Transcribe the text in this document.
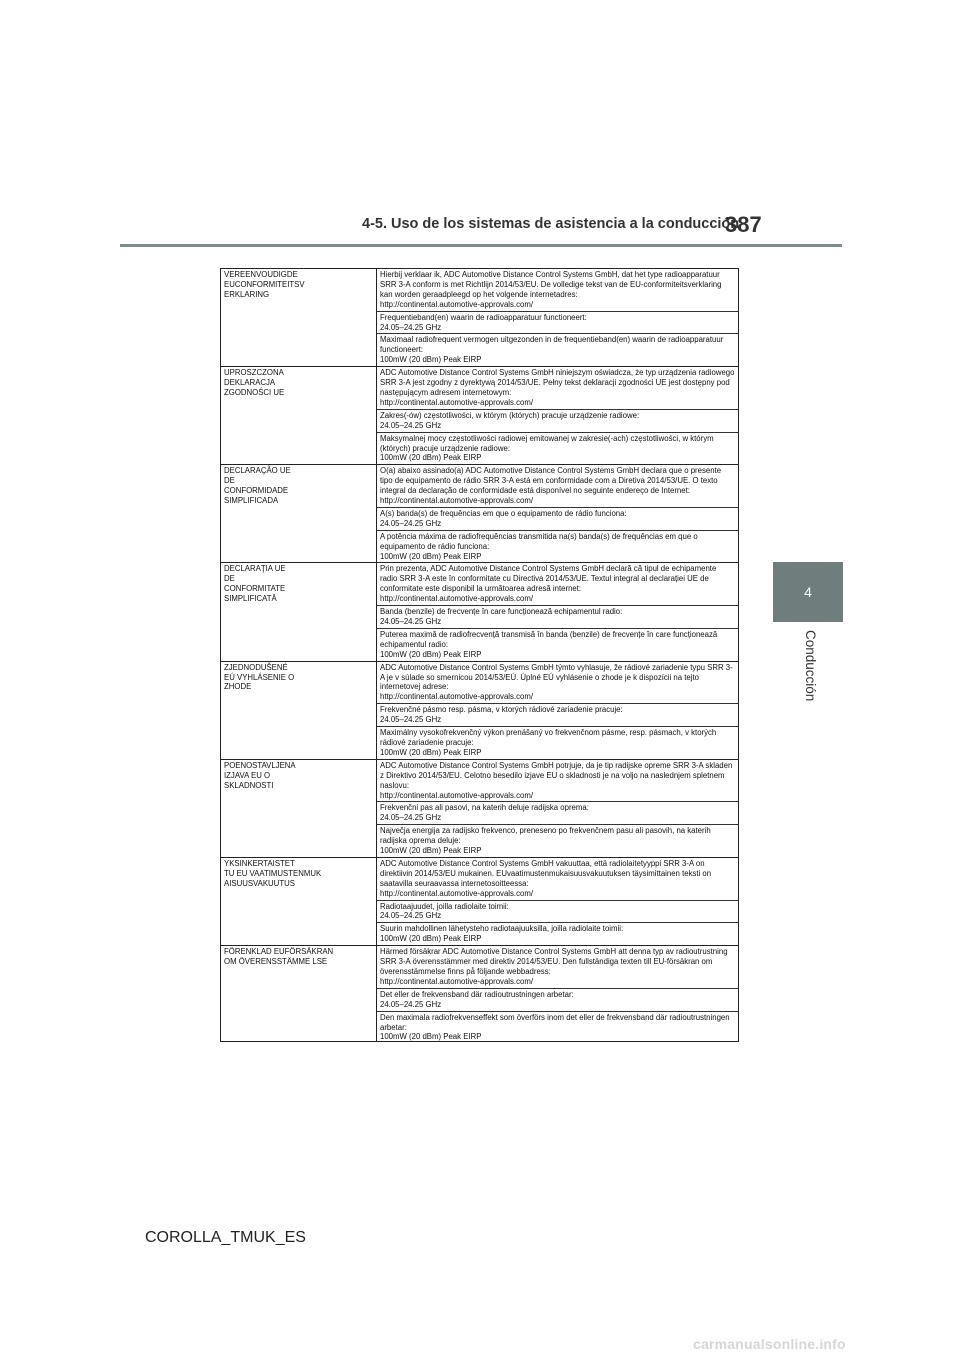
4-5. Uso de los sistemas de asistencia a la conducción
387
4
Conducción
VEREENVOUDIGDE
EUCONFORMITEITSV
ERKLARING
Hierbij verklaar ik, ADC Automotive Distance Control Systems GmbH, dat het type radioapparatuur SRR 3-A conform is met Richtlijn 2014/53/EU. De volledige tekst van de EU-conformiteitsverklaring kan worden geraadpleegd op het volgende internetadres:
http://continental.automotive-approvals.com/
Frequentieband(en) waarin de radioapparatuur functioneert:
24.05–24.25 GHz
Maximaal radiofrequent vermogen uitgezonden in de frequentieband(en) waarin de radioapparatuur functioneert:
100mW (20 dBm) Peak EIRP
UPROSZCZONA
DEKLARACJA
ZGODNOŚCI UE
ADC Automotive Distance Control Systems GmbH niniejszym oświadcza, że typ urządzenia radiowego SRR 3-A jest zgodny z dyrektywą 2014/53/UE. Pełny tekst deklaracji zgodności UE jest dostępny pod następującym adresem internetowym:
http://continental.automotive-approvals.com/
Zakres(-ów) częstotliwości, w którym (których) pracuje urządzenie radiowe:
24.05–24.25 GHz
Maksymalnej mocy częstotliwości radiowej emitowanej w zakresie(-ach) częstotliwości, w którym (których) pracuje urządzenie radiowe:
100mW (20 dBm) Peak EIRP
DECLARAÇÃO UE
DE
CONFORMIDADE
SIMPLIFICADA
O(a) abaixo assinado(a) ADC Automotive Distance Control Systems GmbH declara que o presente tipo de equipamento de rádio SRR 3-A está em conformidade com a Diretiva 2014/53/UE. O texto integral da declaração de conformidade está disponível no seguinte endereço de Internet:
http://continental.automotive-approvals.com/
A(s) banda(s) de frequências em que o equipamento de rádio funciona:
24.05–24.25 GHz
A potência máxima de radiofrequências transmitida na(s) banda(s) de frequências em que o equipamento de rádio funciona:
100mW (20 dBm) Peak EIRP
DECLARAŢIA UE
DE
CONFORMITATE
SIMPLIFICATĂ
Prin prezenta, ADC Automotive Distance Control Systems GmbH declară că tipul de echipamente radio SRR 3-A este în conformitate cu Directiva 2014/53/UE. Textul integral al declarației UE de conformitate este disponibil la următoarea adresă internet:
http://continental.automotive-approvals.com/
Banda (benzile) de frecvențe în care funcționează echipamentul radio:
24.05–24.25 GHz
Puterea maximă de radiofrecvență transmisă în banda (benzile) de frecvențe în care funcționează echipamentul radio:
100mW (20 dBm) Peak EIRP
ZJEDNODUŠENÉ
EÚ VYHLÁSENIE O
ZHODE
ADC Automotive Distance Control Systems GmbH týmto vyhlasuje, že rádiové zariadenie typu SRR 3-A je v súlade so smernicou 2014/53/EÚ. Úplné EÚ vyhlásenie o zhode je k dispozícii na tejto internetovej adrese:
http://continental.automotive-approvals.com/
Frekvenčné pásmo resp. pásma, v ktorých rádiové zariadenie pracuje:
24.05–24.25 GHz
Maximálny vysokofrekvenčný výkon prenášaný vo frekvenčnom pásme, resp. pásmach, v ktorých rádiové zariadenie pracuje:
100mW (20 dBm) Peak EIRP
POENOSTAVLJENA
IZJAVA EU O
SKLADNOSTI
ADC Automotive Distance Control Systems GmbH potrjuje, da je tip radijske opreme SRR 3-A skladen z Direktivo 2014/53/EU. Celotno besedilo izjave EU o skladnosti je na voljo na naslednjem spletnem naslovu:
http://continental.automotive-approvals.com/
Frekvenčni pas ali pasovi, na katerih deluje radijska oprema:
24.05–24.25 GHz
Največja energija za radijsko frekvenco, preneseno po frekvenčnem pasu ali pasovih, na katerih radijska oprema deluje:
100mW (20 dBm) Peak EIRP
YKSINKERTAISTET
TU EU VAATIMUSTENMUK
AISUUSVAKUUTUS
ADC Automotive Distance Control Systems GmbH vakuuttaa, että radiolaitetyyppi SRR 3-A on direktiivin 2014/53/EU mukainen. EUvaatimustenmukaisuusvakuutuksen täysimittainen teksti on saatavilla seuraavassa internetosoitteessa:
http://continental.automotive-approvals.com/
Radiotaajuudet, joilla radiolaite toimii:
24.05–24.25 GHz
Suurin mahdollinen lähetysteho radiotaajuuksilla, joilla radiolaite toimii:
100mW (20 dBm) Peak EIRP
FÖRENKLAD EUFÖRSÄKRAN
OM ÖVERENSSTÄMME LSE
Härmed försäkrar ADC Automotive Distance Control Systems GmbH att denna typ av radioutrustning SRR 3-A överensstämmer med direktiv 2014/53/EU. Den fullständiga texten till EU-försäkran om överensstämmelse finns på följande webbadress:
http://continental.automotive-approvals.com/
Det eller de frekvensband där radioutrustningen arbetar:
24.05–24.25 GHz
Den maximala radiofrekvenseffekt som överförs inom det eller de frekvensband där radioutrustningen arbetar:
100mW (20 dBm) Peak EIRP
COROLLA_TMUK_ES
carmanualsonline.info
